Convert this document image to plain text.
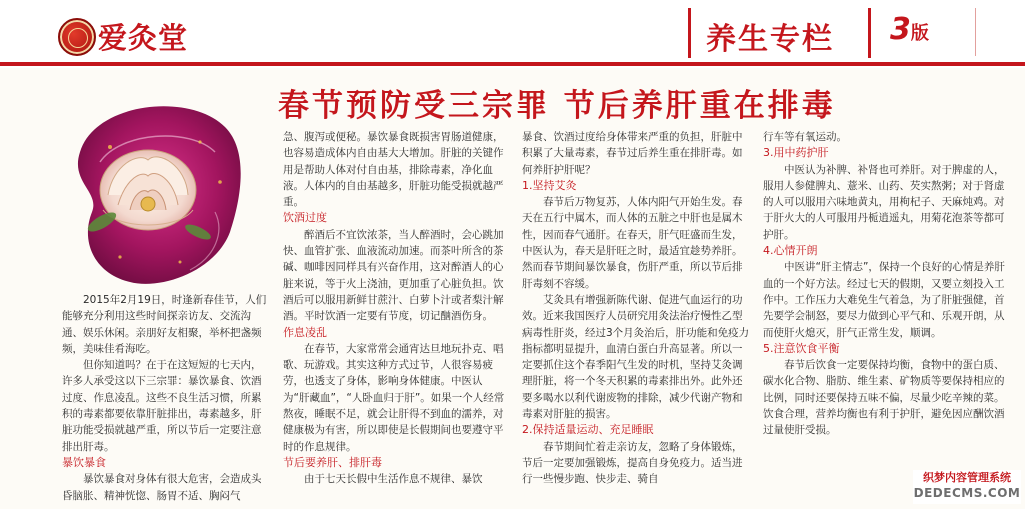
爱灸堂	养生专栏 3版
春节预防受三宗罪 节后养肝重在排毒

2015年2月19日，时逢新春佳节，人们能够充分利用这些时间探亲访友、交流沟通、娱乐休闲。亲朋好友相聚，举杯把盏频频，美味佳肴海吃。

但你知道吗？在于在这短短的七天内，许多人承受这以下三宗罪：暴饮暴食、饮酒过度、作息凌乱。这些不良生活习惯，所累积的毒素都要依靠肝脏排出，毒素越多，肝脏功能受损就越严重，所以节后一定要注意排出肝毒。

暴饮暴食

暴饮暴食对身体有很大危害，会造成头昏脑胀、精神恍惚、肠胃不适、胸闷气

急、腹泻或便秘。暴饮暴食既损害胃肠道健康，也容易造成体内自由基大大增加。肝脏的关键作用是帮助人体对付自由基，排除毒素，净化血液。人体内的自由基越多，肝脏功能受损就越严重。

饮酒过度

醉酒后不宜饮浓茶，当人醉酒时，会心跳加快、血管扩张、血液流动加速。而茶叶所含的茶碱、咖啡因同样具有兴奋作用，这对醉酒人的心脏来说，等于火上浇油，更加重了心脏负担。饮酒后可以服用新鲜甘蔗汁、白萝卜汁或者梨汁解酒。平时饮酒一定要有节度，切记酗酒伤身。

作息凌乱

在春节，大家常常会通宵达旦地玩扑克、唱歌、玩游戏。其实这种方式过节，人很容易疲劳，也透支了身体，影响身体健康。中医认为“肝藏血”，“人卧血归于肝”。如果一个人经常熬夜，睡眠不足，就会让肝得不到血的濡养，对健康极为有害，所以即使是长假期间也要遵守平时的作息规律。

节后要养肝、排肝毒

由于七天长假中生活作息不规律、暴饮

暴食、饮酒过度给身体带来严重的负担，肝脏中积累了大量毒素，春节过后养生重在排肝毒。如何养肝护肝呢？

1.坚持艾灸

春节后万物复苏，人体内阳气开始生发。春天在五行中属木，而人体的五脏之中肝也是属木性，因而春气通肝。在春天，肝气旺盛而生发，中医认为，春天是肝旺之时，最适宜趁势养肝。然而春节期间暴饮暴食，伤肝严重，所以节后排肝毒刻不容缓。

艾灸具有增强新陈代谢、促进气血运行的功效。近来我国医疗人员研究用灸法治疗慢性乙型病毒性肝炎，经过3个月灸治后，肝功能和免疫力指标都明显提升，血清白蛋白升高显著。所以一定要抓住这个春季阳气生发的时机，坚持艾灸调理肝脏，将一个冬天积累的毒素排出外。此外还要多喝水以利代谢废物的排除，减少代谢产物和毒素对肝脏的损害。

2.保持适量运动、充足睡眠

春节期间忙着走亲访友，忽略了身体锻炼，节后一定要加强锻炼，提高自身免疫力。适当进行一些慢步跑、快步走、骑自

行车等有氧运动。

3.用中药护肝

中医认为补脾、补肾也可养肝。对于脾虚的人，服用人参健脾丸、薏米、山药、芡实熬粥；对于肾虚的人可以服用六味地黄丸，用枸杞子、天麻炖鸡。对于肝火大的人可服用丹栀逍遥丸，用菊花泡茶等都可护肝。

4.心情开朗

中医讲“肝主情志”，保持一个良好的心情是养肝血的一个好方法。经过七天的假期，又要立刻投入工作中。工作压力大难免生气着急，为了肝脏强健，首先要学会制怒，要尽力做到心平气和、乐观开朗，从而使肝火熄灭，肝气正常生发，顺调。

5.注意饮食平衡

春节后饮食一定要保持均衡，食物中的蛋白质、碳水化合物、脂肪、维生素、矿物质等要保持相应的比例，同时还要保持五味不偏，尽量少吃辛辣的菜。饮食合理，营养均衡也有利于护肝，避免因应酬饮酒过量使肝受损。

织梦内容管理系统
DEDECMS.COM
